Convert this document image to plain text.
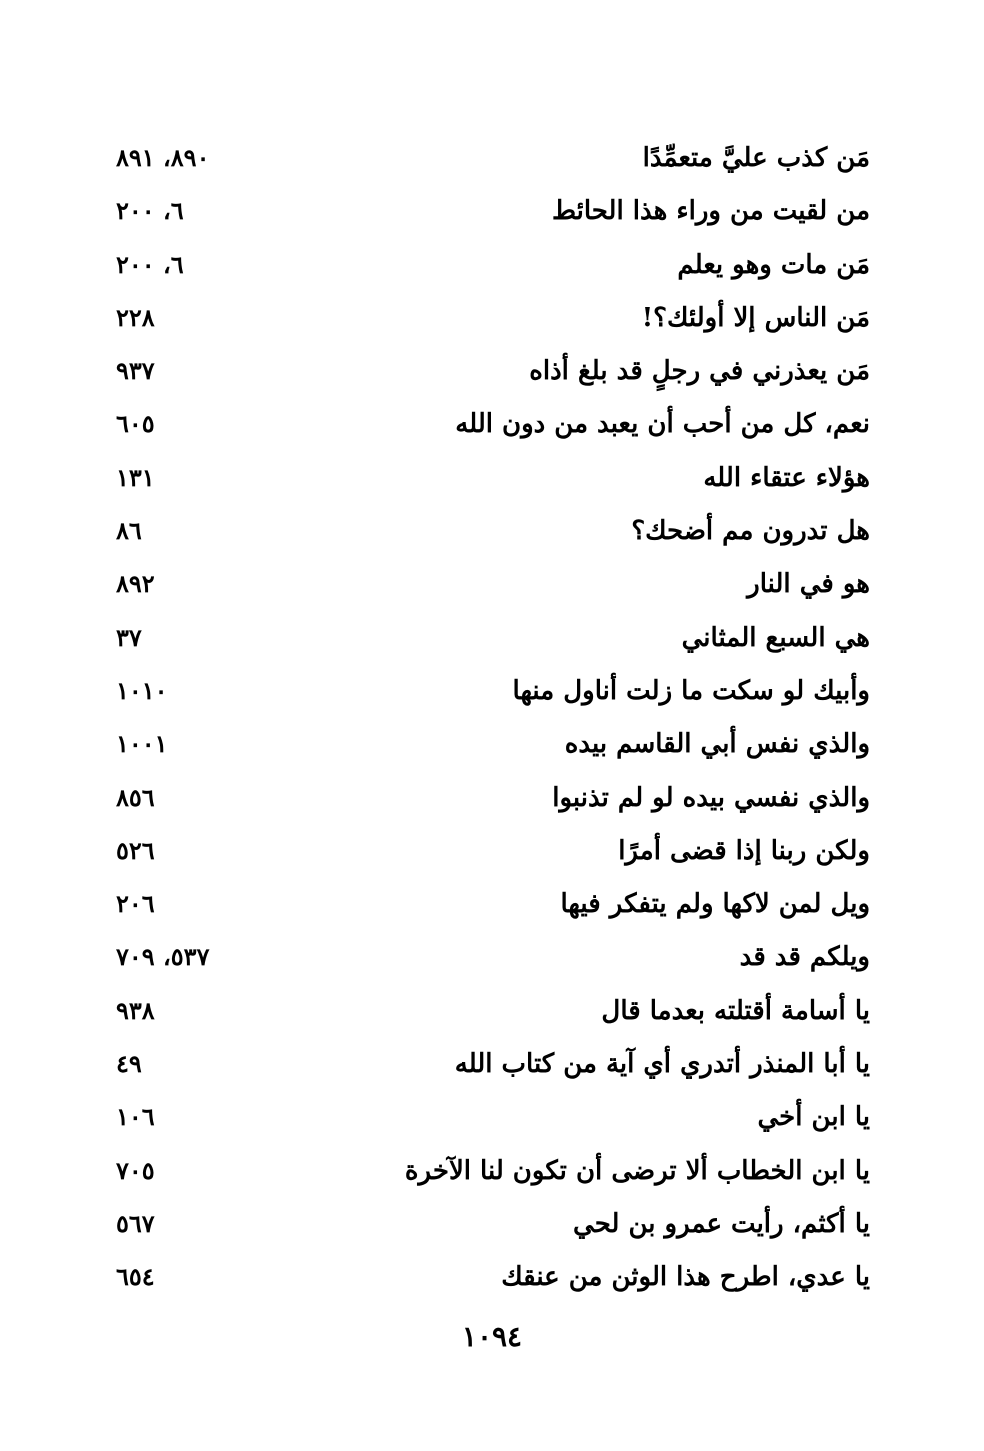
مَن كذب عليَّ متعمِّدًا
٨٩٠، ٨٩١
من لقيت من وراء هذا الحائط
٦، ٢٠٠
مَن مات وهو يعلم
٦، ٢٠٠
مَن الناس إلا أولئك؟!
٢٢٨
مَن يعذرني في رجلٍ قد بلغ أذاه
٩٣٧
نعم، كل من أحب أن يعبد من دون الله
٦٠٥
هؤلاء عتقاء الله
١٣١
هل تدرون مم أضحك؟
٨٦
هو في النار
٨٩٢
هي السبع المثاني
٣٧
وأبيك لو سكت ما زلت أناول منها
١٠١٠
والذي نفس أبي القاسم بيده
١٠٠١
والذي نفسي بيده لو لم تذنبوا
٨٥٦
ولكن ربنا إذا قضى أمرًا
٥٢٦
ويل لمن لاكها ولم يتفكر فيها
٢٠٦
ويلكم قد قد
٥٣٧، ٧٠٩
يا أسامة أقتلته بعدما قال
٩٣٨
يا أبا المنذر أتدري أي آية من كتاب الله
٤٩
يا ابن أخي
١٠٦
يا ابن الخطاب ألا ترضى أن تكون لنا الآخرة
٧٠٥
يا أكثم، رأيت عمرو بن لحي
٥٦٧
يا عدي، اطرح هذا الوثن من عنقك
٦٥٤
١٠٩٤
